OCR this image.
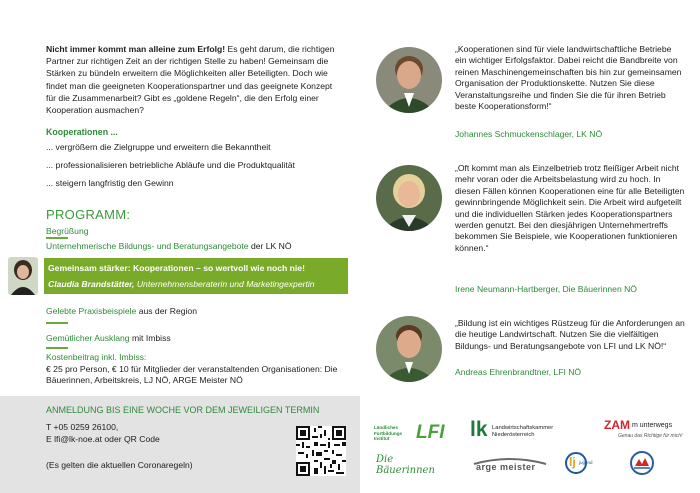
Nicht immer kommt man alleine zum Erfolg! Es geht darum, die richtigen Partner zur richtigen Zeit an der richtigen Stelle zu haben! Gemeinsam die Stärken zu bündeln erweitern die Möglichkeiten aller Beteiligten. Doch wie findet man die geeigneten Kooperationspartner und das geeignete Konzept für die Zusammenarbeit? Gibt es „goldene Regeln“, die den Erfolg einer Kooperation ausmachen?
Kooperationen ...
... vergrößern die Zielgruppe und erweitern die Bekanntheit
... professionalisieren betriebliche Abläufe und die Produktqualität
... steigern langfristig den Gewinn
PROGRAMM:
Begrüßung
Unternehmerische Bildungs- und Beratungsangebote der LK NÖ
Gemeinsam stärker: Kooperationen – so wertvoll wie noch nie!
Claudia Brandstätter, Unternehmensberaterin und Marketingexpertin
Gelebte Praxisbeispiele aus der Region
Gemütlicher Ausklang mit Imbiss
Kostenbeitrag inkl. Imbiss:
€ 25 pro Person, € 10 für Mitglieder der veranstaltenden Organisationen: Die Bäuerinnen, Arbeitskreis, LJ NÖ, ARGE Meister NÖ
ANMELDUNG BIS EINE WOCHE VOR DEM JEWEILIGEN TERMIN
T +05 0259 26100,
E lfi@lk-noe.at oder QR Code
(Es gelten die aktuellen Coronaregeln)
„Kooperationen sind für viele landwirtschaftliche Betriebe ein wichtiger Erfolgsfaktor. Dabei reicht die Bandbreite von reinen Maschinengemeinschaften bis hin zur gemeinsamen Organisation der Produktionskette. Nutzen Sie diese Veranstaltungsreihe und finden Sie die für ihren Betrieb beste Kooperationsform!“
Johannes Schmuckenschlager, LK NÖ
„Oft kommt man als Einzelbetrieb trotz fleißiger Arbeit nicht mehr voran oder die Arbeitsbelastung wird zu hoch. In diesen Fällen können Kooperationen eine für alle Beteiligten gewinnbringende Möglichkeit sein. Die Arbeit wird aufgeteilt und die individuellen Stärken jedes Kooperationspartners werden genutzt. Bei den diesjährigen Unternehmertreffs bekommen Sie Beispiele, wie Kooperationen funktionieren können.“
Irene Neumann-Hartberger, Die Bäuerinnen NÖ
„Bildung ist ein wichtiges Rüstzeug für die Anforderungen an die heutige Landwirtschaft. Nutzen Sie die vielfältigen Bildungs- und Beratungsangebote von LFI und LK NÖ!“
Andreas Ehrenbrandtner, LFI NÖ
Ländliches Fortbildungs Institut	LFI lk Landwirtschaftskammer Niederösterreich
ZAM m unterwegs
Genau das Richtige für mich!
Die Bäuerinnen	arge meister	lj jugend
